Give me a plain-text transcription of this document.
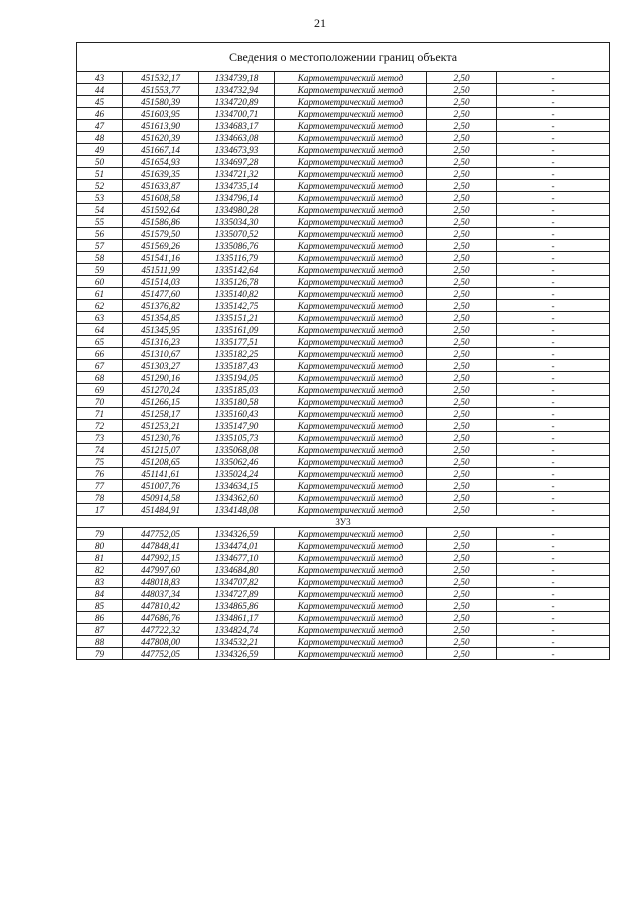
21
Сведения о местоположении границ объекта					
43	451532,17	1334739,18	Картометрический метод	2,50	-
44	451553,77	1334732,94	Картометрический метод	2,50	-
45	451580,39	1334720,89	Картометрический метод	2,50	-
46	451603,95	1334700,71	Картометрический метод	2,50	-
47	451613,90	1334683,17	Картометрический метод	2,50	-
48	451620,39	1334663,08	Картометрический метод	2,50	-
49	451667,14	1334673,93	Картометрический метод	2,50	-
50	451654,93	1334697,28	Картометрический метод	2,50	-
51	451639,35	1334721,32	Картометрический метод	2,50	-
52	451633,87	1334735,14	Картометрический метод	2,50	-
53	451608,58	1334796,14	Картометрический метод	2,50	-
54	451592,64	1334980,28	Картометрический метод	2,50	-
55	451586,86	1335034,30	Картометрический метод	2,50	-
56	451579,50	1335070,52	Картометрический метод	2,50	-
57	451569,26	1335086,76	Картометрический метод	2,50	-
58	451541,16	1335116,79	Картометрический метод	2,50	-
59	451511,99	1335142,64	Картометрический метод	2,50	-
60	451514,03	1335126,78	Картометрический метод	2,50	-
61	451477,60	1335140,82	Картометрический метод	2,50	-
62	451376,82	1335142,75	Картометрический метод	2,50	-
63	451354,85	1335151,21	Картометрический метод	2,50	-
64	451345,95	1335161,09	Картометрический метод	2,50	-
65	451316,23	1335177,51	Картометрический метод	2,50	-
66	451310,67	1335182,25	Картометрический метод	2,50	-
67	451303,27	1335187,43	Картометрический метод	2,50	-
68	451290,16	1335194,05	Картометрический метод	2,50	-
69	451270,24	1335185,03	Картометрический метод	2,50	-
70	451266,15	1335180,58	Картометрический метод	2,50	-
71	451258,17	1335160,43	Картометрический метод	2,50	-
72	451253,21	1335147,90	Картометрический метод	2,50	-
73	451230,76	1335105,73	Картометрический метод	2,50	-
74	451215,07	1335068,08	Картометрический метод	2,50	-
75	451208,65	1335062,46	Картометрический метод	2,50	-
76	451141,61	1335024,24	Картометрический метод	2,50	-
77	451007,76	1334634,15	Картометрический метод	2,50	-
78	450914,58	1334362,60	Картометрический метод	2,50	-
17	451484,91	1334148,08	Картометрический метод	2,50	-
ЗУ3					
79	447752,05	1334326,59	Картометрический метод	2,50	-
80	447848,41	1334474,01	Картометрический метод	2,50	-
81	447992,15	1334677,10	Картометрический метод	2,50	-
82	447997,60	1334684,80	Картометрический метод	2,50	-
83	448018,83	1334707,82	Картометрический метод	2,50	-
84	448037,34	1334727,89	Картометрический метод	2,50	-
85	447810,42	1334865,86	Картометрический метод	2,50	-
86	447686,76	1334861,17	Картометрический метод	2,50	-
87	447722,32	1334824,74	Картометрический метод	2,50	-
88	447808,00	1334532,21	Картометрический метод	2,50	-
79	447752,05	1334326,59	Картометрический метод	2,50	-
